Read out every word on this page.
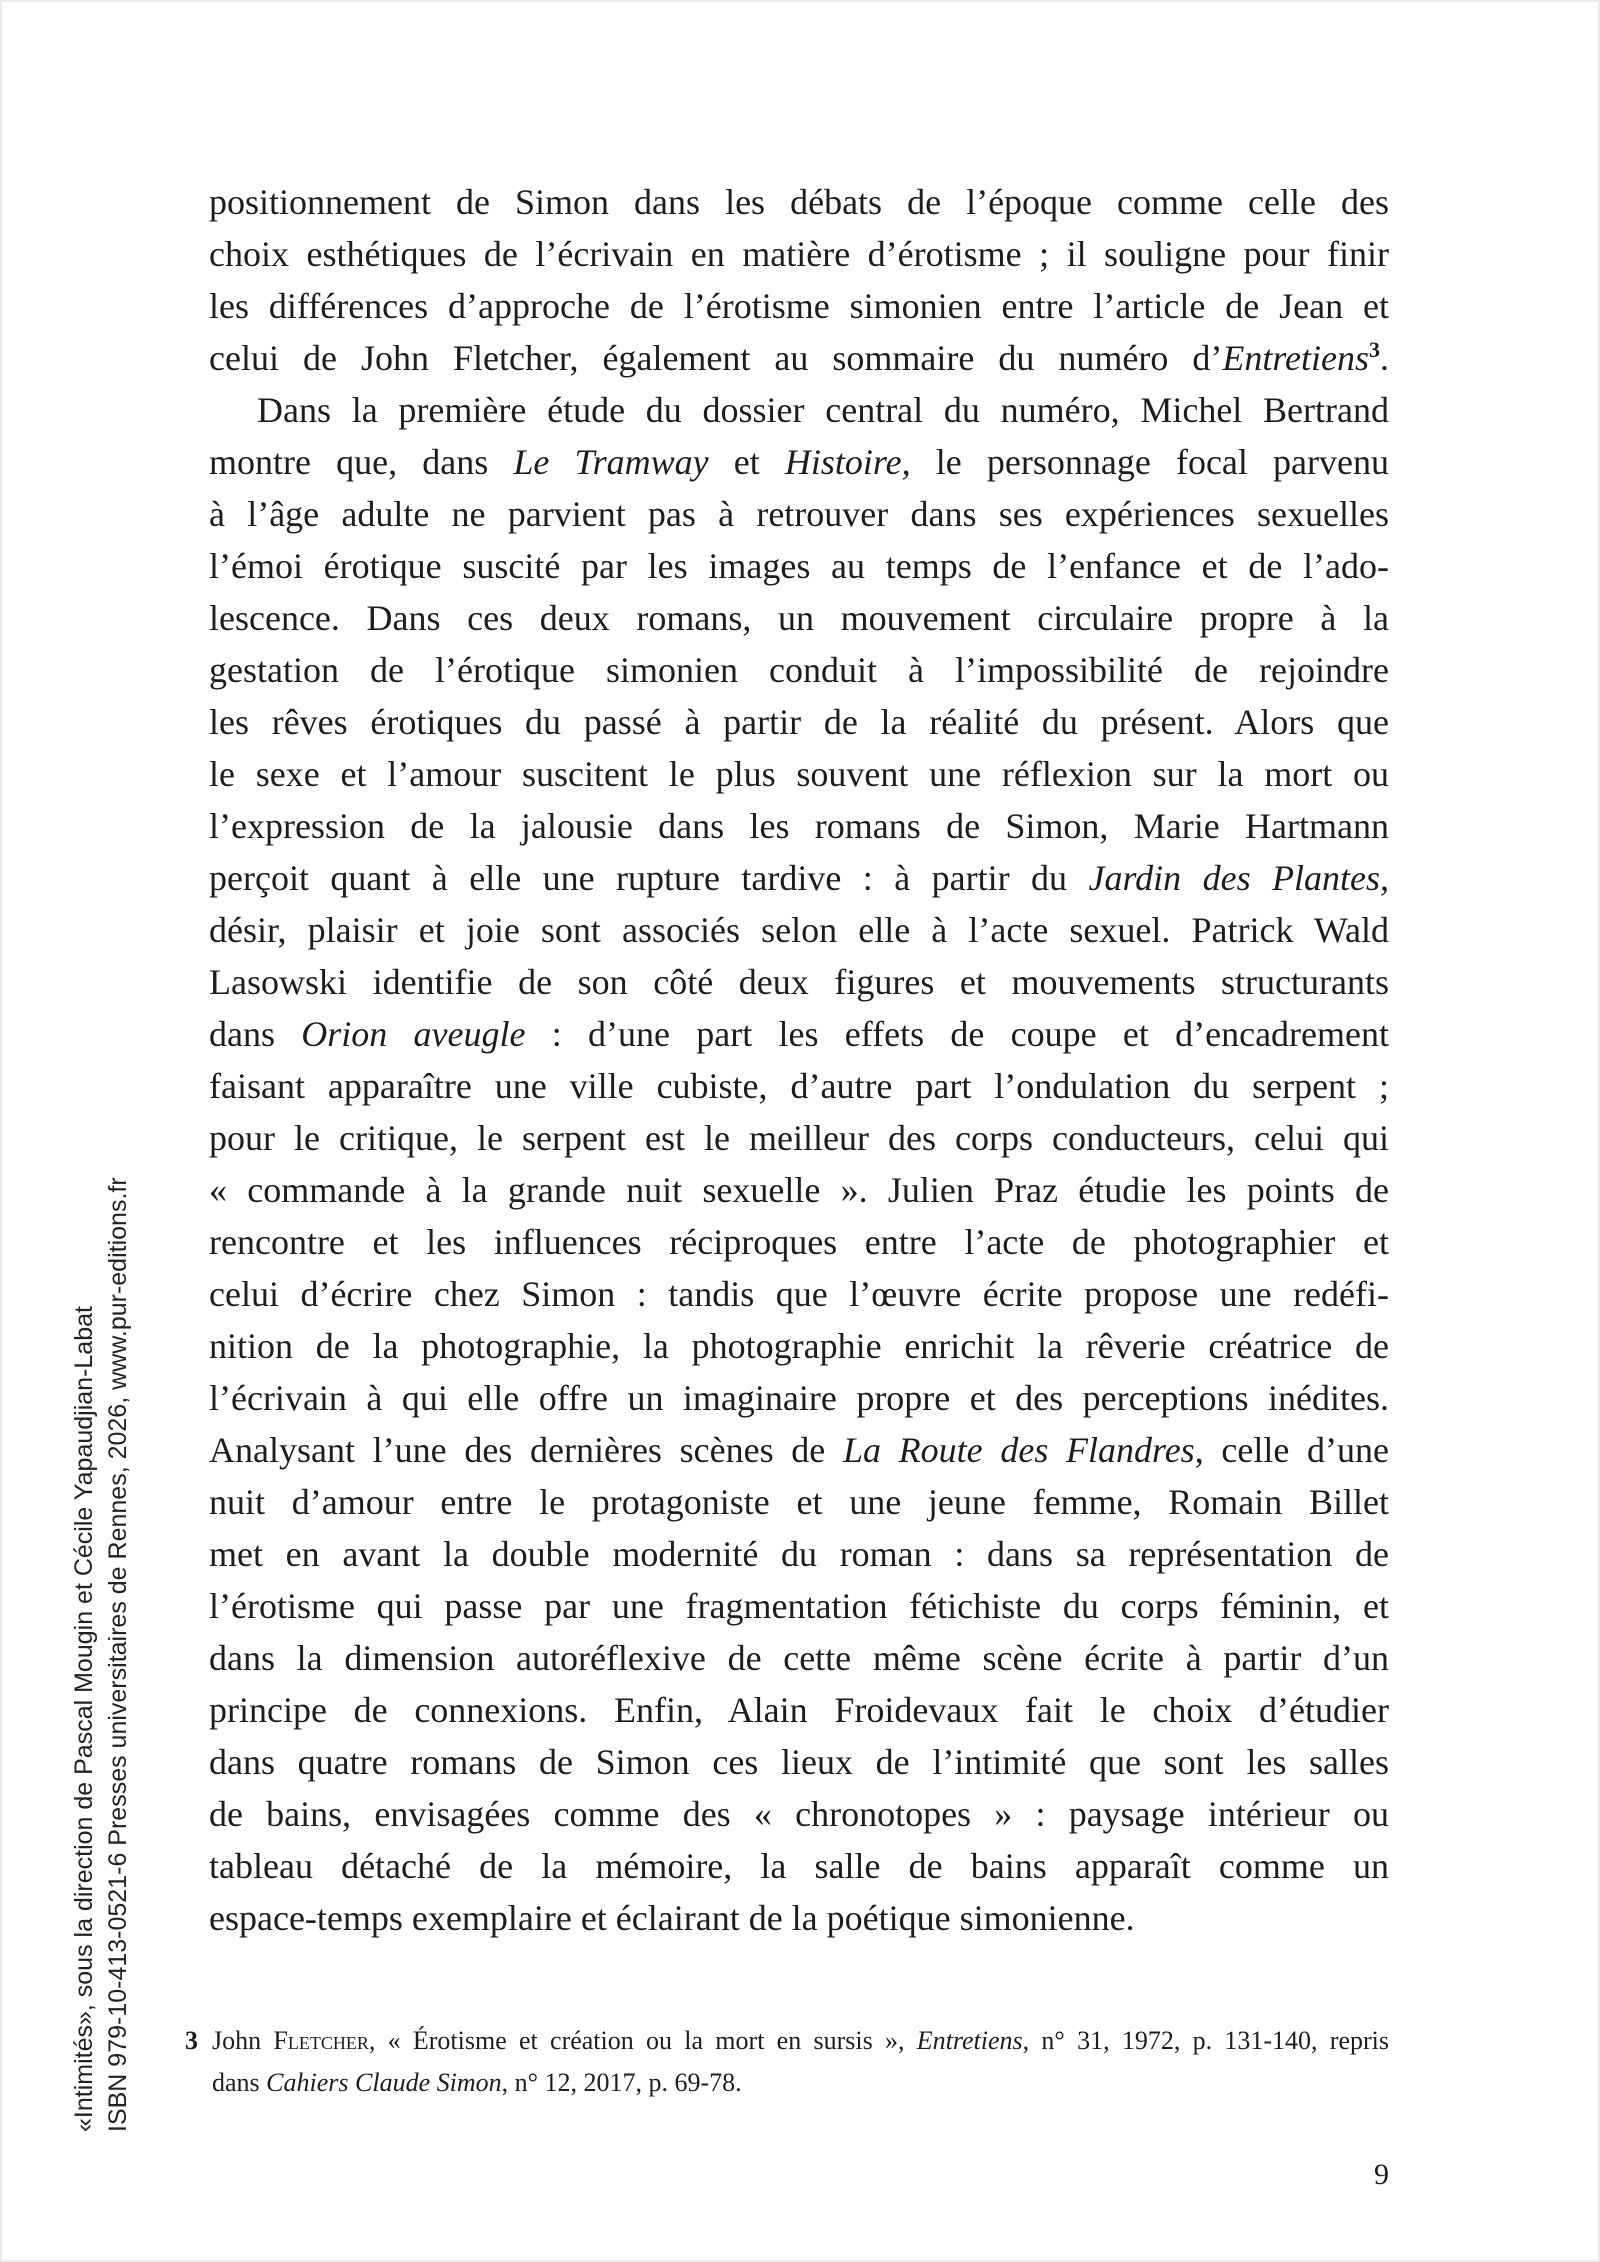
«Intimités», sous la direction de Pascal Mougin et Cécile Yapaudjian-Labat ISBN 979-10-413-0521-6 Presses universitaires de Rennes, 2026, www.pur-editions.fr
positionnement de Simon dans les débats de l’époque comme celle des
choix esthétiques de l’écrivain en matière d’érotisme ; il souligne pour finir
les différences d’approche de l’érotisme simonien entre l’article de Jean et
celui de John Fletcher, également au sommaire du numéro d’Entretiens$^3$.
Dans la première étude du dossier central du numéro, Michel Bertrand
montre que, dans Le Tramway et Histoire, le personnage focal parvenu
à l’âge adulte ne parvient pas à retrouver dans ses expériences sexuelles
l’émoi érotique suscité par les images au temps de l’enfance et de l’ado-
lescence. Dans ces deux romans, un mouvement circulaire propre à la
gestation de l’érotique simonien conduit à l’impossibilité de rejoindre
les rêves érotiques du passé à partir de la réalité du présent. Alors que
le sexe et l’amour suscitent le plus souvent une réflexion sur la mort ou
l’expression de la jalousie dans les romans de Simon, Marie Hartmann
perçoit quant à elle une rupture tardive : à partir du Jardin des Plantes,
désir, plaisir et joie sont associés selon elle à l’acte sexuel. Patrick Wald
Lasowski identifie de son côté deux figures et mouvements structurants
dans Orion aveugle : d’une part les effets de coupe et d’encadrement
faisant apparaître une ville cubiste, d’autre part l’ondulation du serpent ;
pour le critique, le serpent est le meilleur des corps conducteurs, celui qui
« commande à la grande nuit sexuelle ». Julien Praz étudie les points de
rencontre et les influences réciproques entre l’acte de photographier et
celui d’écrire chez Simon : tandis que l’œuvre écrite propose une redéfi-
nition de la photographie, la photographie enrichit la rêverie créatrice de
l’écrivain à qui elle offre un imaginaire propre et des perceptions inédites.
Analysant l’une des dernières scènes de La Route des Flandres, celle d’une
nuit d’amour entre le protagoniste et une jeune femme, Romain Billet
met en avant la double modernité du roman : dans sa représentation de
l’érotisme qui passe par une fragmentation fétichiste du corps féminin, et
dans la dimension autoréflexive de cette même scène écrite à partir d’un
principe de connexions. Enfin, Alain Froidevaux fait le choix d’étudier
dans quatre romans de Simon ces lieux de l’intimité que sont les salles
de bains, envisagées comme des « chronotopes » : paysage intérieur ou
tableau détaché de la mémoire, la salle de bains apparaît comme un
espace-temps exemplaire et éclairant de la poétique simonienne.
3 John Fletcher, « Érotisme et création ou la mort en sursis », Entretiens, n° 31, 1972, p. 131-140, repris
dans Cahiers Claude Simon, n° 12, 2017, p. 69-78.
9
